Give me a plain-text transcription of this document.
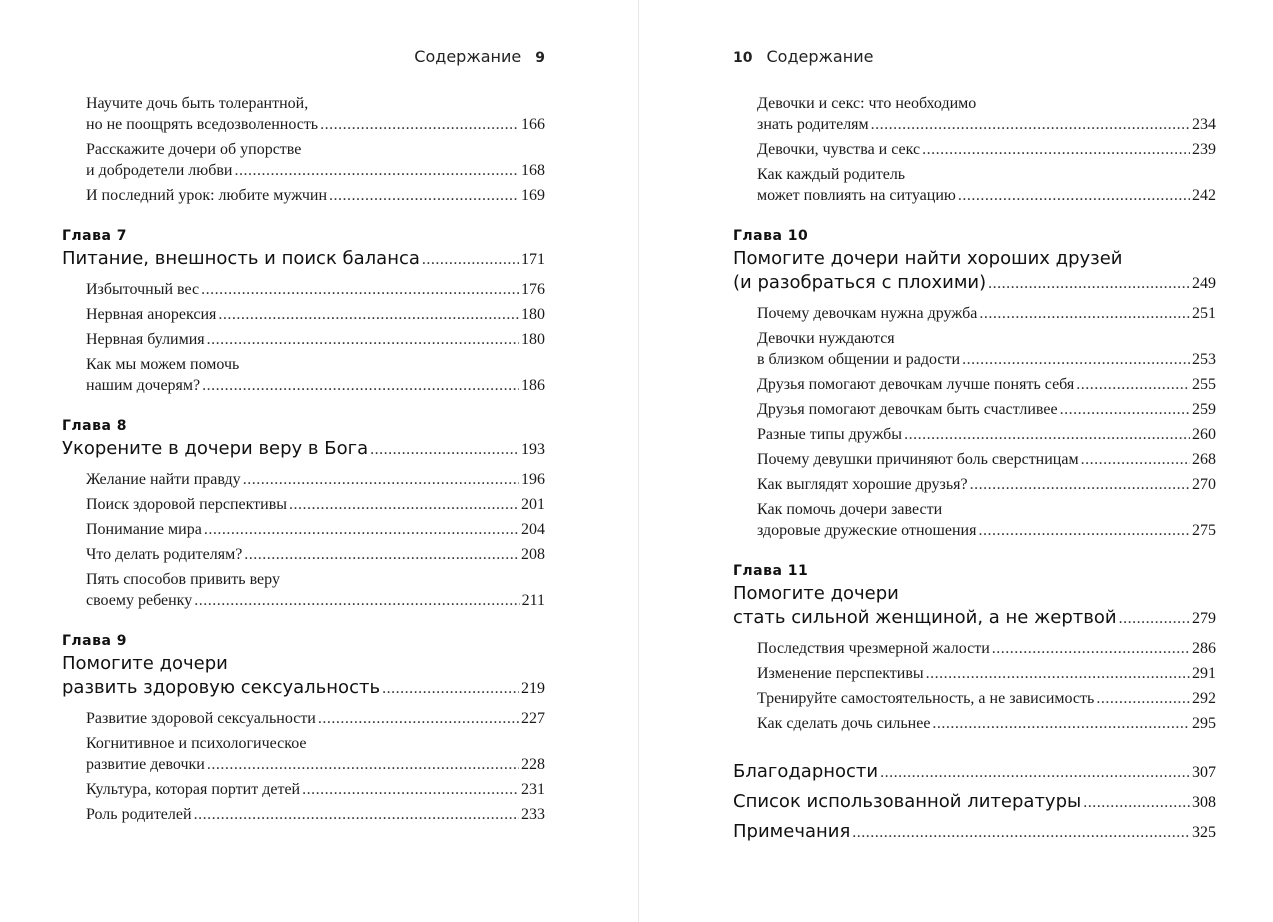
Содержание 9
Научите дочь быть толерантной,
но не поощрять вседозволенность .....	166
Расскажите дочери об упорстве
и добродетели любви .....	168
И последний урок: любите мужчин .....	169
Глава 7
Питание, внешность и поиск баланса .....	171
Избыточный вес .....	176
Нервная анорексия .....	180
Нервная булимия .....	180
Как мы можем помочь
нашим дочерям? .....	186
Глава 8
Укорените в дочери веру в Бога .....	193
Желание найти правду .....	196
Поиск здоровой перспективы .....	201
Понимание мира .....	204
Что делать родителям? .....	208
Пять способов привить веру
своему ребенку .....	211
Глава 9
Помогите дочери
развить здоровую сексуальность .....	219
Развитие здоровой сексуальности .....	227
Когнитивное и психологическое
развитие девочки .....	228
Культура, которая портит детей .....	231
Роль родителей .....	233
10 Содержание
Девочки и секс: что необходимо
знать родителям .....	234
Девочки, чувства и секс .....	239
Как каждый родитель
может повлиять на ситуацию .....	242
Глава 10
Помогите дочери найти хороших друзей
(и разобраться с плохими) .....	249
Почему девочкам нужна дружба .....	251
Девочки нуждаются
в близком общении и радости .....	253
Друзья помогают девочкам лучше понять себя .....	255
Друзья помогают девочкам быть счастливее .....	259
Разные типы дружбы .....	260
Почему девушки причиняют боль сверстницам .....	268
Как выглядят хорошие друзья? .....	270
Как помочь дочери завести
здоровые дружеские отношения .....	275
Глава 11
Помогите дочери
стать сильной женщиной, а не жертвой .....	279
Последствия чрезмерной жалости .....	286
Изменение перспективы .....	291
Тренируйте самостоятельность, а не зависимость .....	292
Как сделать дочь сильнее .....	295
Благодарности .....	307
Список использованной литературы .....	308
Примечания .....	325
